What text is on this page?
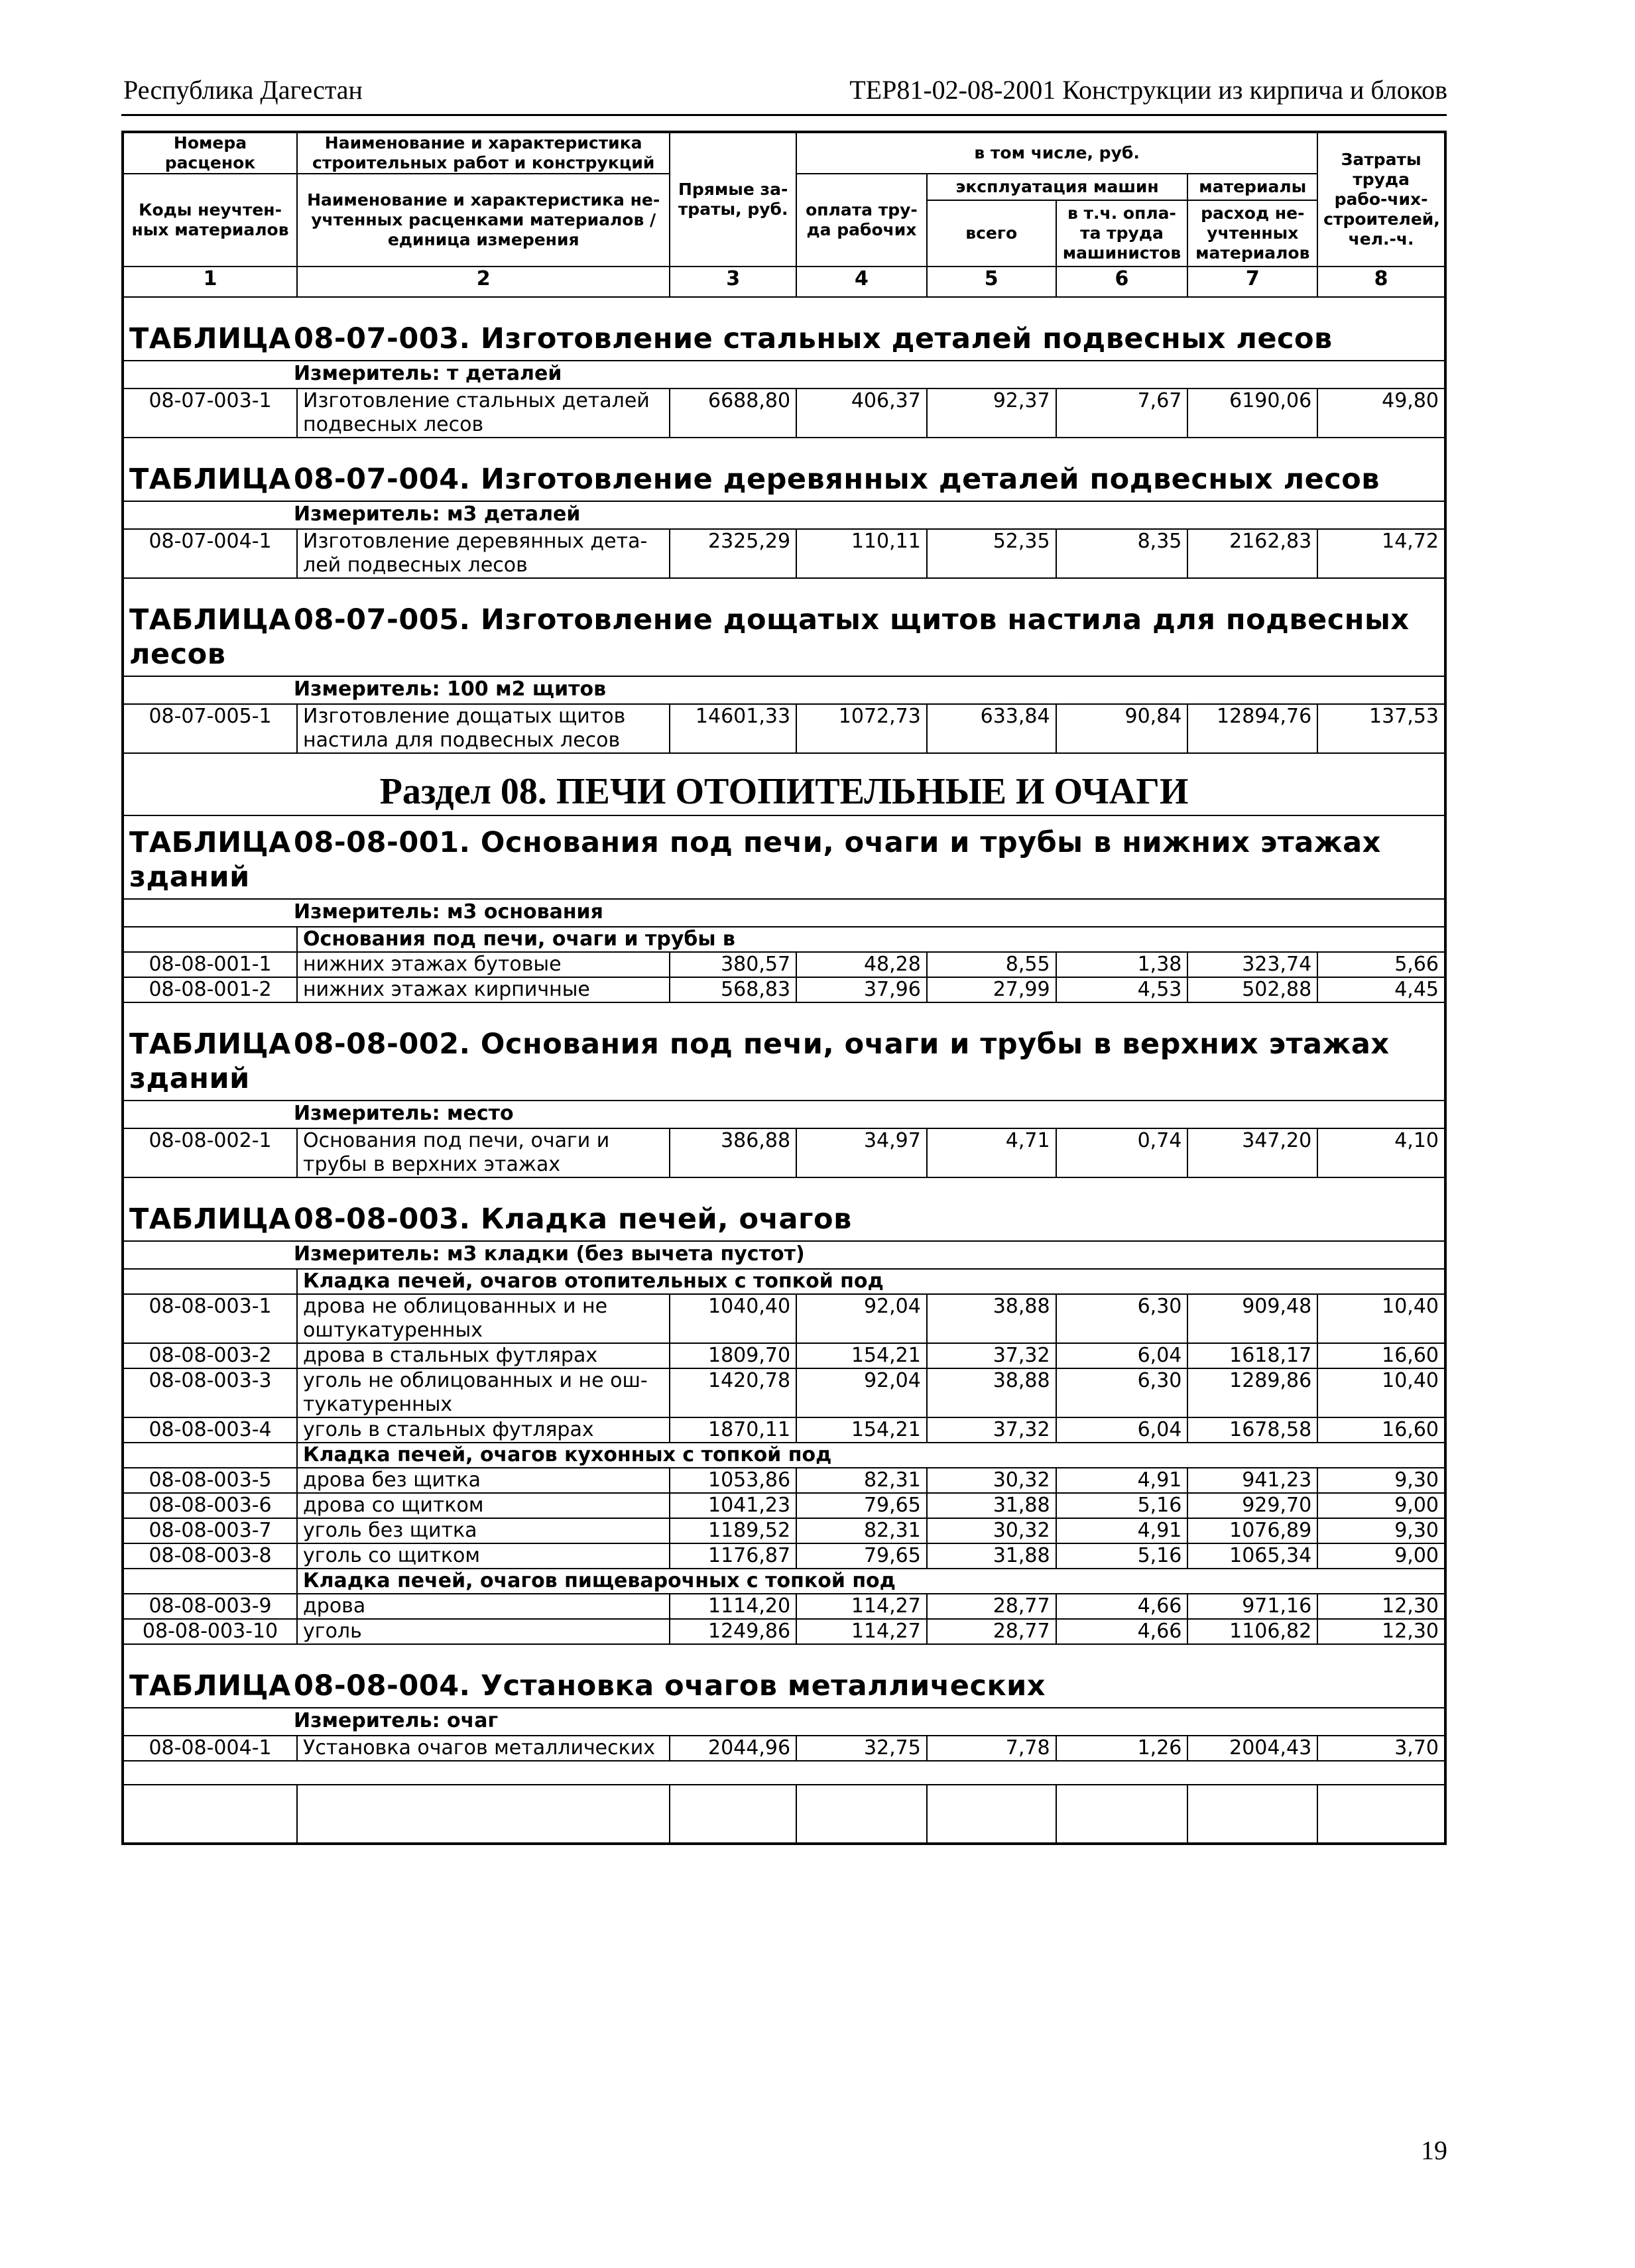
Республика Дагестан	ТЕР81-02-08-2001 Конструкции из кирпича и блоков
Номера расценок	Наименование и характеристика строительных работ и конструкций	Прямые за-траты, руб.	в том числе, руб.				Затраты труда рабо-чих-строителей, чел.-ч.
Коды неучтен-ных материалов	Наименование и характеристика не-учтенных расценками материалов / единица измерения		оплата тру-да рабочих	эксплуатация машин		материалы	
				всего	в т.ч. опла-та труда машинистов	расход не-учтенных материалов	
1	2	3	4	5	6	7	8
ТАБЛИЦА08-07-003. Изготовление стальных деталей подвесных лесов							
Измеритель: т деталей							
08-07-003-1	Изготовление стальных деталей подвесных лесов	6688,80	406,37	92,37	7,67	6190,06	49,80
ТАБЛИЦА08-07-004. Изготовление деревянных деталей подвесных лесов							
Измеритель: м3 деталей							
08-07-004-1	Изготовление деревянных дета-лей подвесных лесов	2325,29	110,11	52,35	8,35	2162,83	14,72
ТАБЛИЦА08-07-005. Изготовление дощатых щитов настила для подвесных лесов							
Измеритель: 100 м2 щитов							
08-07-005-1	Изготовление дощатых щитов настила для подвесных лесов	14601,33	1072,73	633,84	90,84	12894,76	137,53
Раздел 08. ПЕЧИ ОТОПИТЕЛЬНЫЕ И ОЧАГИ							
ТАБЛИЦА08-08-001. Основания под печи, очаги и трубы в нижних этажах зданий							
Измеритель: м3 основания							
	Основания под печи, очаги и трубы в						
08-08-001-1	нижних этажах бутовые	380,57	48,28	8,55	1,38	323,74	5,66
08-08-001-2	нижних этажах кирпичные	568,83	37,96	27,99	4,53	502,88	4,45
ТАБЛИЦА08-08-002. Основания под печи, очаги и трубы в верхних этажах зданий							
Измеритель: место							
08-08-002-1	Основания под печи, очаги и трубы в верхних этажах	386,88	34,97	4,71	0,74	347,20	4,10
ТАБЛИЦА08-08-003. Кладка печей, очагов							
Измеритель: м3 кладки (без вычета пустот)							
	Кладка печей, очагов отопительных с топкой под						
08-08-003-1	дрова не облицованных и не оштукатуренных	1040,40	92,04	38,88	6,30	909,48	10,40
08-08-003-2	дрова в стальных футлярах	1809,70	154,21	37,32	6,04	1618,17	16,60
08-08-003-3	уголь не облицованных и не ош-тукатуренных	1420,78	92,04	38,88	6,30	1289,86	10,40
08-08-003-4	уголь в стальных футлярах	1870,11	154,21	37,32	6,04	1678,58	16,60
	Кладка печей, очагов кухонных с топкой под						
08-08-003-5	дрова без щитка	1053,86	82,31	30,32	4,91	941,23	9,30
08-08-003-6	дрова со щитком	1041,23	79,65	31,88	5,16	929,70	9,00
08-08-003-7	уголь без щитка	1189,52	82,31	30,32	4,91	1076,89	9,30
08-08-003-8	уголь со щитком	1176,87	79,65	31,88	5,16	1065,34	9,00
	Кладка печей, очагов пищеварочных с топкой под						
08-08-003-9	дрова	1114,20	114,27	28,77	4,66	971,16	12,30
08-08-003-10	уголь	1249,86	114,27	28,77	4,66	1106,82	12,30
ТАБЛИЦА08-08-004. Установка очагов металлических							
Измеритель: очаг							
08-08-004-1	Установка очагов металлических	2044,96	32,75	7,78	1,26	2004,43	3,70

19
